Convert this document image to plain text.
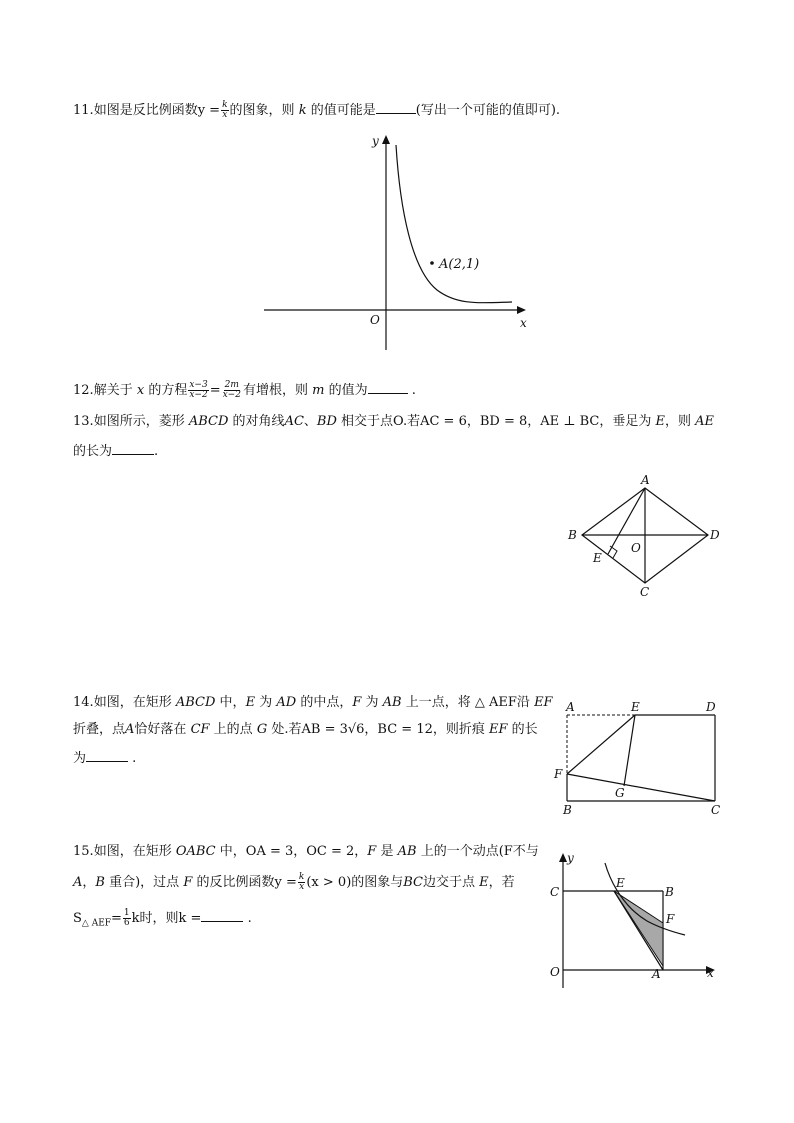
11.如图是反比例函数$y = \frac{k}{x}$ 的图象，则 k 的值可能是	(写出一个可能的值即可).
A(2,1)
y
x
O
12.解关于 x 的方程 $\frac{x-3}{x-2} = \frac{2m}{x-2}$ 有增根，则 m 的值为	.
13.如图所示，菱形 ABCD 的对角线AC、BD 相交于点O.若AC = 6，BD = 8，AE ⊥ BC，垂足为 E，则 AE
的长为	.
A
B
C
D
E
O
14.如图，在矩形 ABCD 中，E 为 AD 的中点，F 为 AB 上一点，将 △ AEF沿 EF
折叠，点A恰好落在 CF 上的点 G 处.若AB = 3√6，BC = 12，则折痕 EF 的长
为	.
A	E	D
F
G
B	C
15.如图，在矩形 OABC 中，OA = 3，OC = 2，F 是 AB 上的一个动点(F不与
A，B 重合)，过点 F 的反比例函数$y = \frac{k}{x} (x > 0)$的图象与BC边交于点 E，若
$S_{\triangle AEF}= \frac{1}{6}$ k时，则k =	.
y
x
O
C
E
B
F
A
